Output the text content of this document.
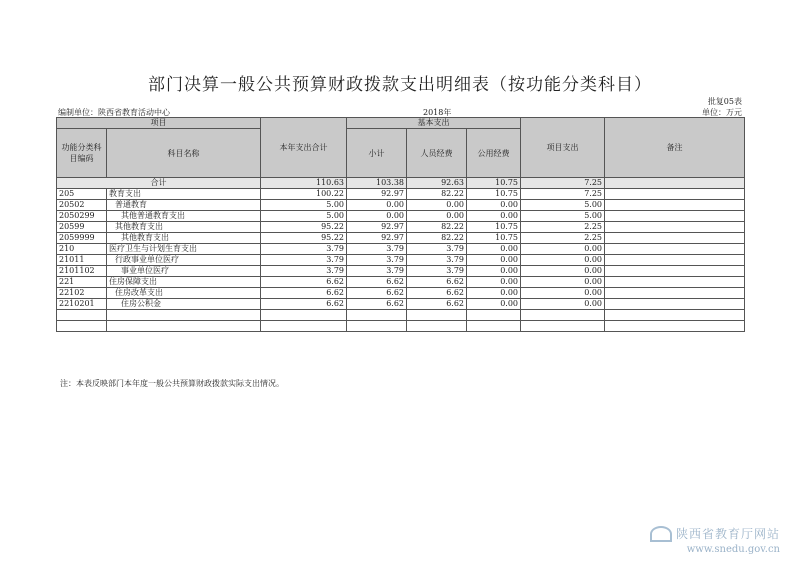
部门决算一般公共预算财政拨款支出明细表（按功能分类科目）
批复05表
编制单位：陕西省教育活动中心	2018年	单位：万元
项目		本年支出合计	基本支出			项目支出	备注
功能分类科目编码	科目名称		小计	人员经费	公用经费		
合计		110.63	103.38	92.63	10.75	7.25	
205	教育支出	100.22	92.97	82.22	10.75	7.25	
20502	普通教育	5.00	0.00	0.00	0.00	5.00	
2050299	其他普通教育支出	5.00	0.00	0.00	0.00	5.00	
20599	其他教育支出	95.22	92.97	82.22	10.75	2.25	
2059999	其他教育支出	95.22	92.97	82.22	10.75	2.25	
210	医疗卫生与计划生育支出	3.79	3.79	3.79	0.00	0.00	
21011	行政事业单位医疗	3.79	3.79	3.79	0.00	0.00	
2101102	事业单位医疗	3.79	3.79	3.79	0.00	0.00	
221	住房保障支出	6.62	6.62	6.62	0.00	0.00	
22102	住房改革支出	6.62	6.62	6.62	0.00	0.00	
2210201	住房公积金	6.62	6.62	6.62	0.00	0.00	

注：本表反映部门本年度一般公共预算财政拨款实际支出情况。
陕西省教育厅网站
www.snedu.gov.cn
